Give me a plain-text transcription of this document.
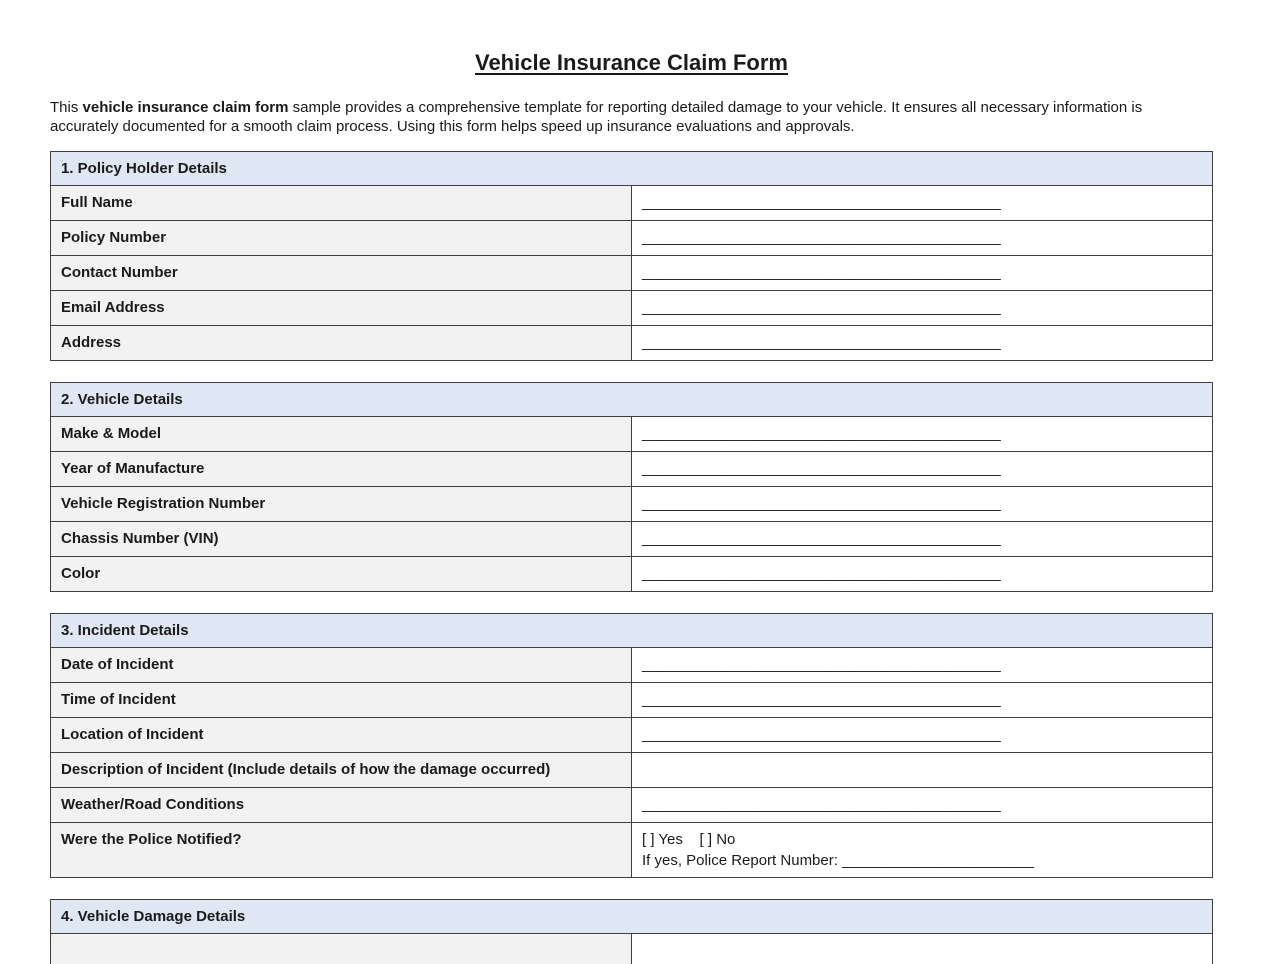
Vehicle Insurance Claim Form

This vehicle insurance claim form sample provides a comprehensive template for reporting detailed damage to your vehicle. It ensures all necessary information is accurately documented for a smooth claim process. Using this form helps speed up insurance evaluations and approvals.

1. Policy Holder Details	
Full Name	___________________________________________
Policy Number	___________________________________________
Contact Number	___________________________________________
Email Address	___________________________________________
Address	___________________________________________
2. Vehicle Details	
Make & Model	___________________________________________
Year of Manufacture	___________________________________________
Vehicle Registration Number	___________________________________________
Chassis Number (VIN)	___________________________________________
Color	___________________________________________
3. Incident Details	
Date of Incident	___________________________________________
Time of Incident	___________________________________________
Location of Incident	___________________________________________
Description of Incident (Include details of how the damage occurred)	
Weather/Road Conditions	___________________________________________
Were the Police Notified?	[ ] Yes    [ ] No
If yes, Police Report Number: _______________________
4. Vehicle Damage Details
